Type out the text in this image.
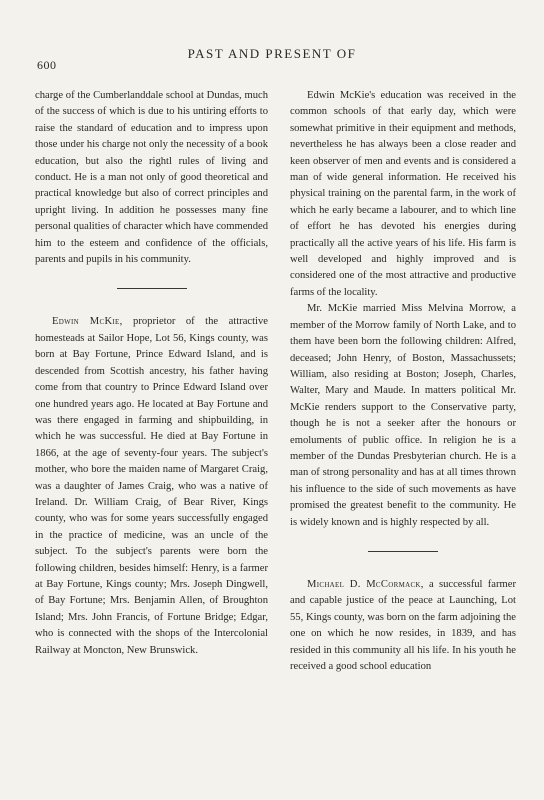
600
PAST AND PRESENT OF

charge of the Cumberlanddale school at Dundas, much of the success of which is due to his untiring efforts to raise the standard of education and to impress upon those under his charge not only the necessity of a book education, but also the rightl rules of living and conduct. He is a man not only of good theoretical and practical knowledge but also of correct principles and upright living. In addition he possesses many fine personal qualities of character which have commended him to the esteem and confidence of the officials, parents and pupils in his community.

Edwin McKie, proprietor of the attractive homesteads at Sailor Hope, Lot 56, Kings county, was born at Bay Fortune, Prince Edward Island, and is descended from Scottish ancestry, his father having come from that country to Prince Edward Island over one hundred years ago. He located at Bay Fortune and was there engaged in farming and shipbuilding, in which he was successful. He died at Bay Fortune in 1866, at the age of seventy-four years. The subject's mother, who bore the maiden name of Margaret Craig, was a daughter of James Craig, who was a native of Ireland. Dr. William Craig, of Bear River, Kings county, who was for some years successfully engaged in the practice of medicine, was an uncle of the subject. To the subject's parents were born the following children, besides himself: Henry, is a farmer at Bay Fortune, Kings county; Mrs. Joseph Dingwell, of Bay Fortune; Mrs. Benjamin Allen, of Broughton Island; Mrs. John Francis, of Fortune Bridge; Edgar, who is connected with the shops of the Intercolonial Railway at Moncton, New Brunswick.

Edwin McKie's education was received in the common schools of that early day, which were somewhat primitive in their equipment and methods, nevertheless he has always been a close reader and keen observer of men and events and is considered a man of wide general information. He received his physical training on the parental farm, in the work of which he early became a labourer, and to which line of effort he has devoted his energies during practically all the active years of his life. His farm is well developed and highly improved and is considered one of the most attractive and productive farms of the locality.

Mr. McKie married Miss Melvina Morrow, a member of the Morrow family of North Lake, and to them have been born the following children: Alfred, deceased; John Henry, of Boston, Massachussets; William, also residing at Boston; Joseph, Charles, Walter, Mary and Maude. In matters political Mr. McKie renders support to the Conservative party, though he is not a seeker after the honours or emoluments of public office. In religion he is a member of the Dundas Presbyterian church. He is a man of strong personality and has at all times thrown his influence to the side of such movements as have promised the greatest benefit to the community. He is widely known and is highly respected by all.

Michael D. McCormack, a successful farmer and capable justice of the peace at Launching, Lot 55, Kings county, was born on the farm adjoining the one on which he now resides, in 1839, and has resided in this community all his life. In his youth he received a good school education
